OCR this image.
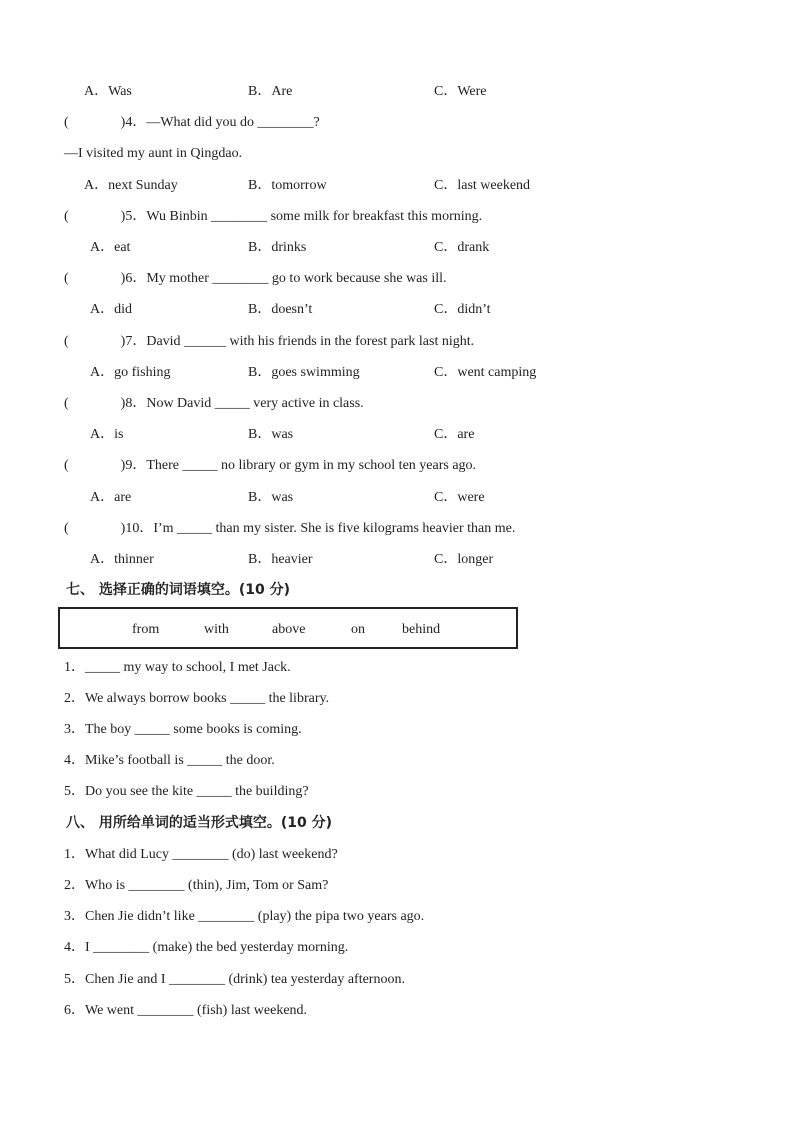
A．Was	B．Are	C．Were
(	)4．—What did you do ________?
—I visited my aunt in Qingdao.
A．next Sunday	B．tomorrow	C．last weekend
(	)5．Wu Binbin ________ some milk for breakfast this morning.
A．eat	B．drinks	C．drank
(	)6．My mother ________ go to work because she was ill.
A．did	B．doesn’t	C．didn’t
(	)7．David ______ with his friends in the forest park last night.
A．go fishing	B．goes swimming	C．went camping
(	)8．Now David _____ very active in class.
A．is	B．was	C．are
(	)9．There _____ no library or gym in my school ten years ago.
A．are	B．was	C．were
(	)10．I’m _____ than my sister. She is five kilograms heavier than me.
A．thinner	B．heavier	C．longer
七、 选择正确的词语填空。(10 分)
from	with	above	on	behind
1．_____ my way to school, I met Jack.
2．We always borrow books _____ the library.
3．The boy _____ some books is coming.
4．Mike’s football is _____ the door.
5．Do you see the kite _____ the building?
八、 用所给单词的适当形式填空。(10 分)
1．What did Lucy ________ (do) last weekend?
2．Who is ________ (thin), Jim, Tom or Sam?
3．Chen Jie didn’t like ________ (play) the pipa two years ago.
4．I ________ (make) the bed yesterday morning.
5．Chen Jie and I ________ (drink) tea yesterday afternoon.
6．We went ________ (fish) last weekend.
